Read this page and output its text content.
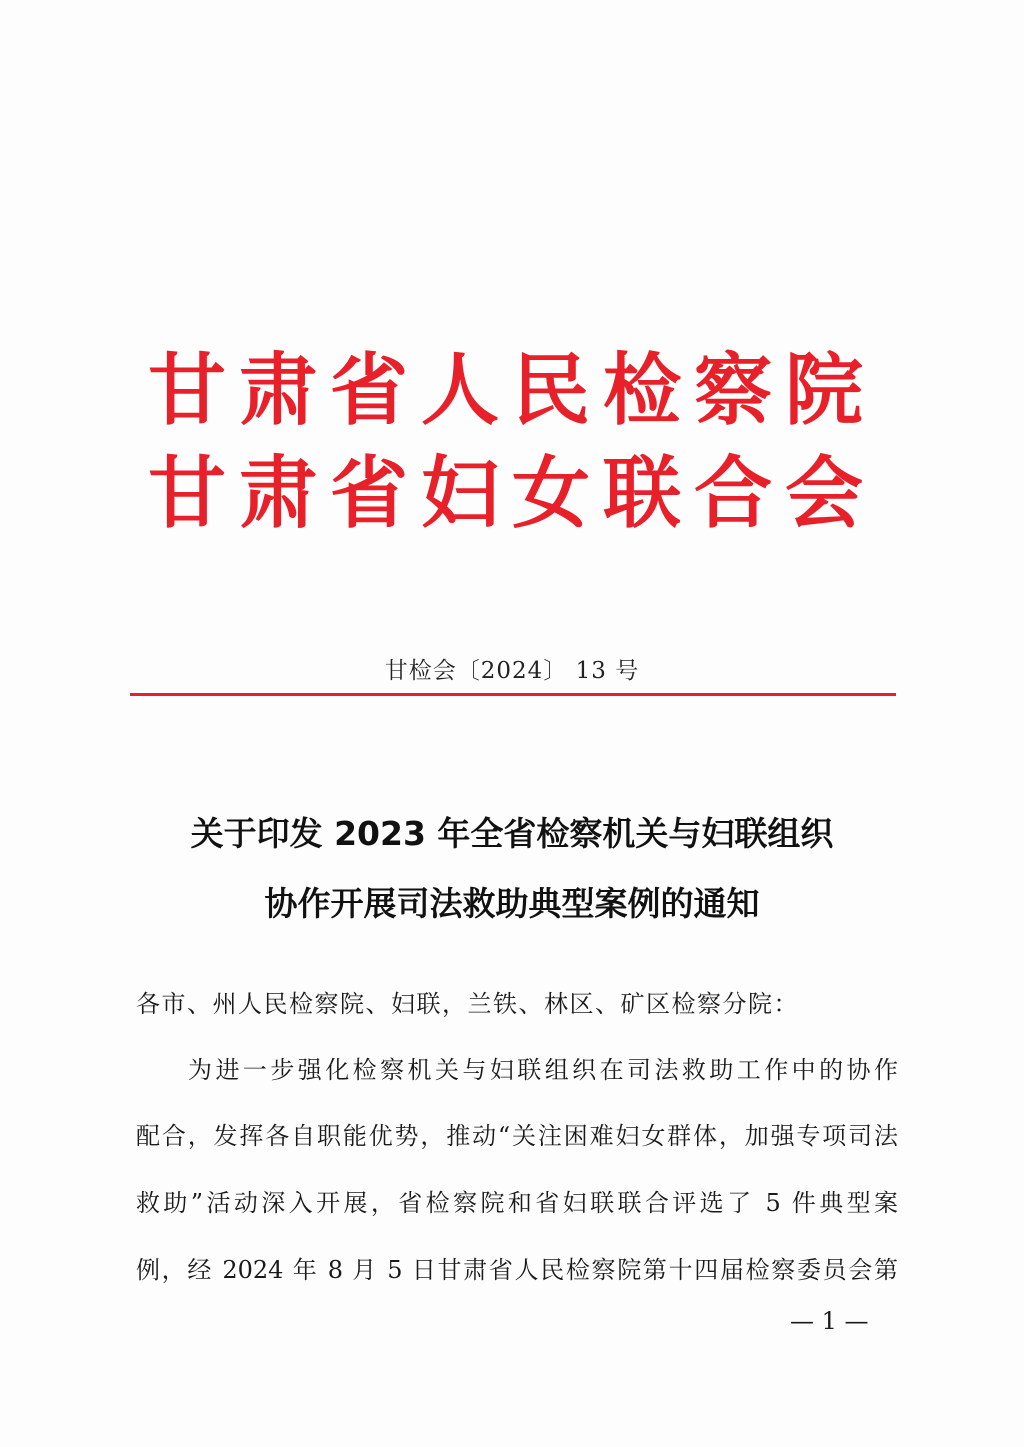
甘肃省人民检察院
甘肃省妇女联合会
甘检会〔2024〕 13 号
关于印发 2023 年全省检察机关与妇联组织
协作开展司法救助典型案例的通知
各市、州人民检察院、妇联，兰铁、林区、矿区检察分院：
为进一步强化检察机关与妇联组织在司法救助工作中的协作
配合，发挥各自职能优势，推动“关注困难妇女群体，加强专项司法
救助”活动深入开展，省检察院和省妇联联合评选了 5 件典型案
例，经 2024 年 8 月 5 日甘肃省人民检察院第十四届检察委员会第
— 1 —
